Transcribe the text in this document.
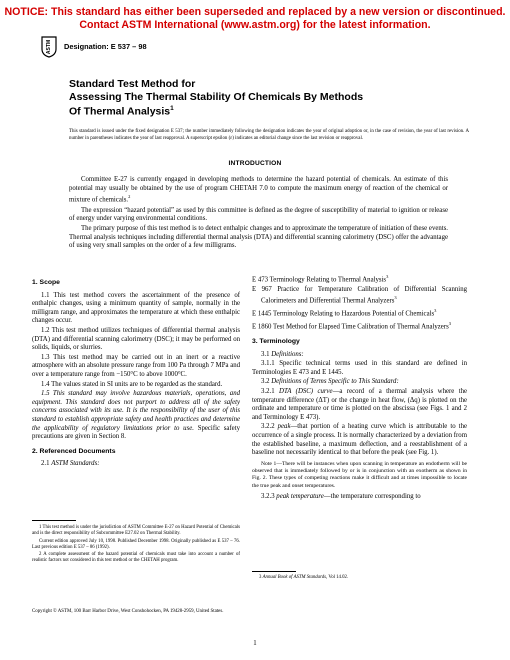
NOTICE: This standard has either been superseded and replaced by a new version or discontinued.
Contact ASTM International (www.astm.org) for the latest information.
ASTM Designation: E 537 – 98
Standard Test Method for
Assessing The Thermal Stability Of Chemicals By Methods
Of Thermal Analysis$^1$
This standard is issued under the fixed designation E 537; the number immediately following the designation indicates the year of original adoption or, in the case of revision, the year of last revision. A number in parentheses indicates the year of last reapproval. A superscript epsilon (ε) indicates an editorial change since the last revision or reapproval.
INTRODUCTION

Committee E-27 is currently engaged in developing methods to determine the hazard potential of chemicals. An estimate of this potential may usually be obtained by the use of program CHETAH 7.0 to compute the maximum energy of reaction of the chemical or mixture of chemicals.$^2$

The expression “hazard potential” as used by this committee is defined as the degree of susceptibility of material to ignition or release of energy under varying environmental conditions.

The primary purpose of this test method is to detect enthalpic changes and to approximate the temperature of initiation of these events. Thermal analysis techniques including differential thermal analysis (DTA) and differential scanning calorimetry (DSC) offer the advantage of using very small samples on the order of a few milligrams.

1. Scope

1.1 This test method covers the ascertainment of the presence of enthalpic changes, using a minimum quantity of sample, normally in the milligram range, and approximates the temperature at which these enthalpic changes occur.

1.2 This test method utilizes techniques of differential thermal analysis (DTA) and differential scanning calorimetry (DSC); it may be performed on solids, liquids, or slurries.

1.3 This test method may be carried out in an inert or a reactive atmosphere with an absolute pressure range from 100 Pa through 7 MPa and over a temperature range from −150°C to above 1000°C.

1.4 The values stated in SI units are to be regarded as the standard.

1.5 This standard may involve hazardous materials, operations, and equipment. This standard does not purport to address all of the safety concerns associated with its use. It is the responsibility of the user of this standard to establish appropriate safety and health practices and determine the applicability of regulatory limitations prior to use. Specific safety precautions are given in Section 8.

2. Referenced Documents

2.1 ASTM Standards:

E 473 Terminology Relating to Thermal Analysis$^3$

E 967 Practice for Temperature Calibration of Differential Scanning Calorimeters and Differential Thermal Analyzers$^3$

E 1445 Terminology Relating to Hazardous Potential of Chemicals$^3$

E 1860 Test Method for Elapsed Time Calibration of Thermal Analyzers$^3$

3. Terminology

3.1 Definitions:

3.1.1 Specific technical terms used in this standard are defined in Terminologies E 473 and E 1445.

3.2 Definitions of Terms Specific to This Standard:

3.2.1 DTA (DSC) curve—a record of a thermal analysis where the temperature difference (ΔT) or the change in heat flow, (Δq) is plotted on the ordinate and temperature or time is plotted on the abscissa (see Figs. 1 and 2 and Terminology E 473).

3.2.2 peak—that portion of a heating curve which is attributable to the occurrence of a single process. It is normally characterized by a deviation from the established baseline, a maximum deflection, and a reestablishment of a baseline not necessarily identical to that before the peak (see Fig. 1).

Note 1—There will be instances when upon scanning in temperature an endotherm will be observed that is immediately followed by or is in conjunction with an exotherm as shown in Fig. 2. These types of competing reactions make it difficult and at times impossible to locate the true peak and onset temperatures.

3.2.3 peak temperature—the temperature corresponding to

1 This test method is under the jurisdiction of ASTM Committee E-27 on Hazard Potential of Chemicals and is the direct responsibility of Subcommittee E27.02 on Thermal Stability.

Current edition approved July 10, 1998. Published December 1998. Originally published as E 537 – 76. Last previous edition E 537 – 86 (1992).

2 A complete assessment of the hazard potential of chemicals must take into account a number of realistic factors not considered in this test method or the CHETAH program.

3 Annual Book of ASTM Standards, Vol 14.02.

Copyright © ASTM, 100 Barr Harbor Drive, West Conshohocken, PA 19428-2959, United States.
1
